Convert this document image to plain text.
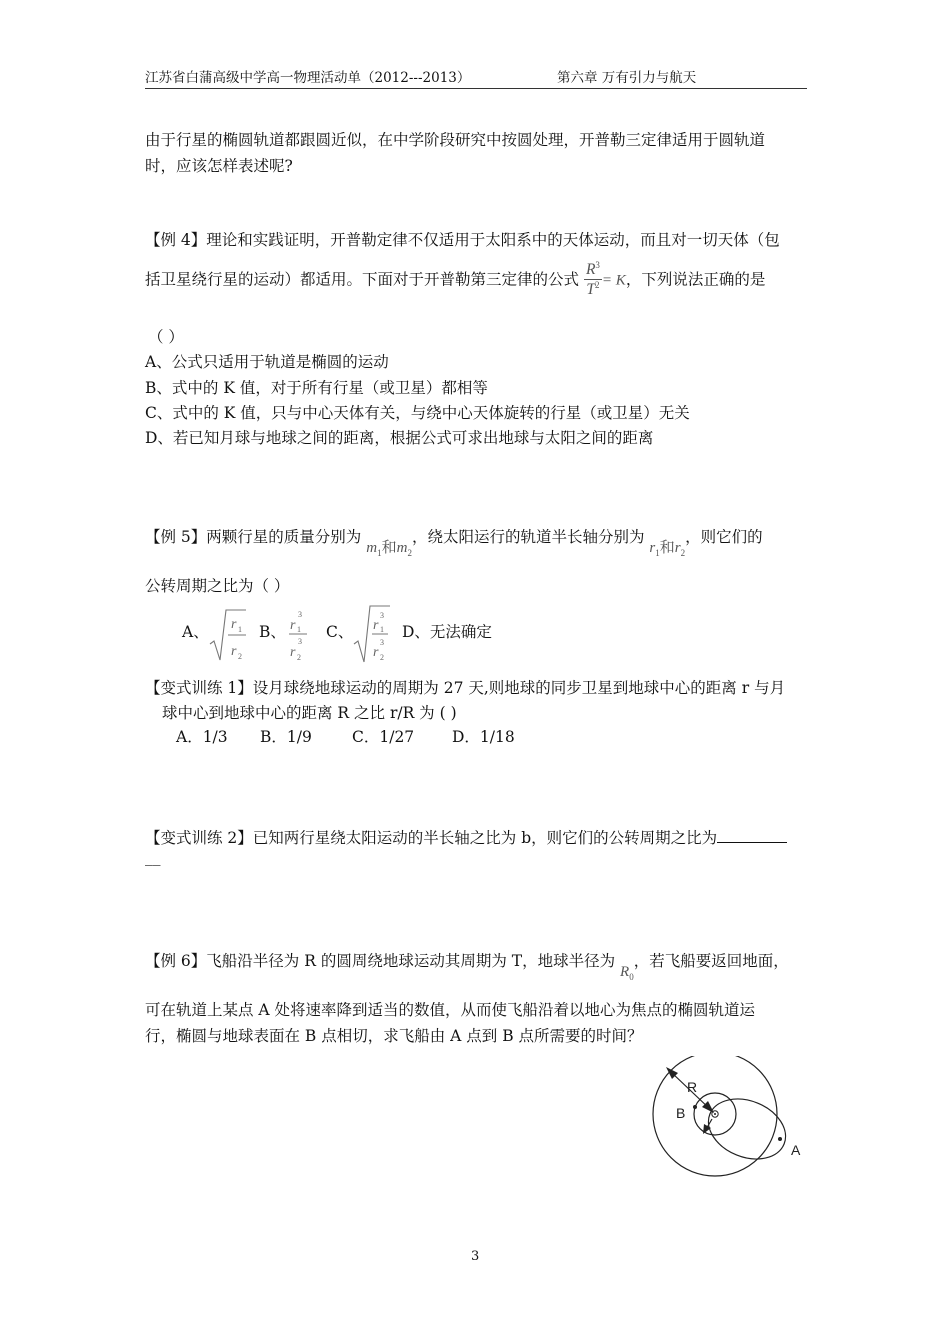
江苏省白蒲高级中学高一物理活动单（2012---2013）	第六章 万有引力与航天
由于行星的椭圆轨道都跟圆近似，在中学阶段研究中按圆处理，开普勒三定律适用于圆轨道
时，应该怎样表述呢?
【例 4】理论和实践证明，开普勒定律不仅适用于太阳系中的天体运动，而且对一切天体（包
括卫星绕行星的运动）都适用。下面对于开普勒第三定律的公式 $\frac{R^3}{T^2} = K$，下列说法正确的是
（ ）
A、公式只适用于轨道是椭圆的运动
B、式中的 K 值，对于所有行星（或卫星）都相等
C、式中的 K 值，只与中心天体有关，与绕中心天体旋转的行星（或卫星）无关
D、若已知月球与地球之间的距离，根据公式可求出地球与太阳之间的距离
【例 5】两颗行星的质量分别为 $m_1$和$m_2$，绕太阳运行的轨道半长轴分别为 $r_1$和$r_2$，则它们的
公转周期之比为（ ）
A、 r 1
r 2
B、 r
3
1
r
3
2
C、 r
3
1
r
3
2
D、无法确定
【变式训练 1】设月球绕地球运动的周期为 27 天,则地球的同步卫星到地球中心的距离 r 与月
球中心到地球中心的距离 R 之比 r/R 为 ( )
A．1/3 B．1/9	C．1/27 D．1/18
【变式训练 2】已知两行星绕太阳运动的半长轴之比为 b，则它们的公转周期之比为
__
【例 6】飞船沿半径为 R 的圆周绕地球运动其周期为 T，地球半径为 $R_0$，若飞船要返回地面，
可在轨道上某点 A 处将速率降到适当的数值，从而使飞船沿着以地心为焦点的椭圆轨道运
行，椭圆与地球表面在 B 点相切，求飞船由 A 点到 B 点所需要的时间？
R
B
A
3
